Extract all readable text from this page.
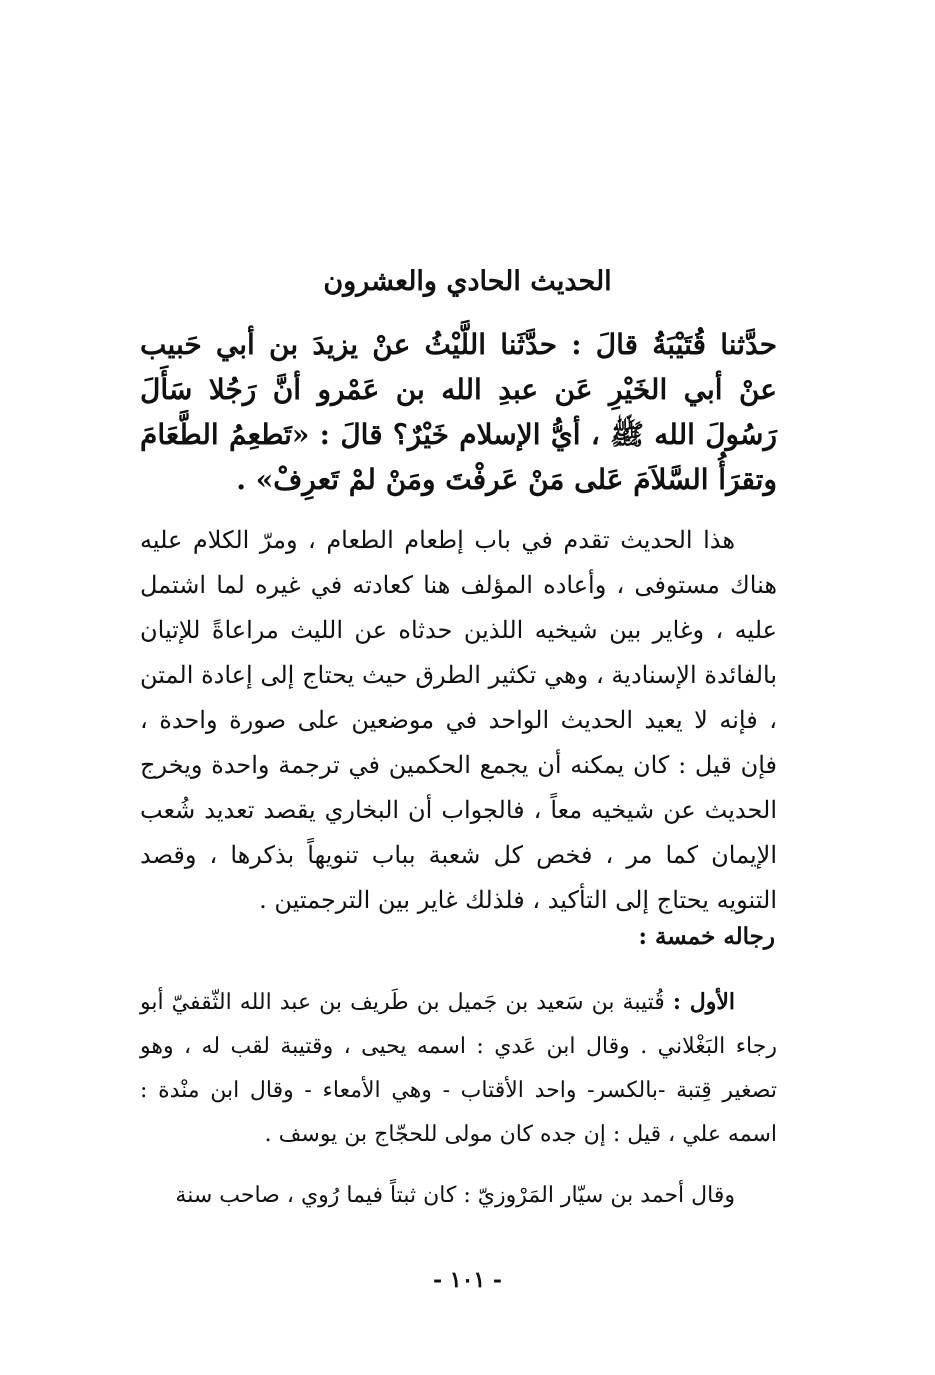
الحديث الحادي والعشرون

حدَّثنا قُتَيْبَةُ قالَ : حدَّثَنا اللَّيْثُ عنْ يزيدَ بن أبي حَبيب عنْ أبي الخَيْرِ عَن عبدِ الله بن عَمْرو أنَّ رَجُلا سَأَلَ رَسُولَ الله ﷺ ، أيُّ الإسلام خَيْرٌ؟ قالَ : «تَطعِمُ الطَّعَامَ وتقرَأُ السَّلاَمَ عَلى مَنْ عَرفْتَ ومَنْ لمْ تَعرِفْ» .

هذا الحديث تقدم في باب إطعام الطعام ، ومرّ الكلام عليه هناك مستوفى ، وأعاده المؤلف هنا كعادته في غيره لما اشتمل عليه ، وغاير بين شيخيه اللذين حدثاه عن الليث مراعاةً للإتيان بالفائدة الإسنادية ، وهي تكثير الطرق حيث يحتاج إلى إعادة المتن ، فإنه لا يعيد الحديث الواحد في موضعين على صورة واحدة ، فإن قيل : كان يمكنه أن يجمع الحكمين في ترجمة واحدة ويخرج الحديث عن شيخيه معاً ، فالجواب أن البخاري يقصد تعديد شُعب الإيمان كما مر ، فخص كل شعبة بباب تنويهاً بذكرها ، وقصد التنويه يحتاج إلى التأكيد ، فلذلك غاير بين الترجمتين .

رجاله خمسة :

الأول : قُتيبة بن سَعيد بن جَميل بن طَريف بن عبد الله الثّقفيّ أبو رجاء البَغْلاني . وقال ابن عَدي : اسمه يحيى ، وقتيبة لقب له ، وهو تصغير قِتبة -بالكسر- واحد الأقتاب - وهي الأمعاء - وقال ابن منْدة : اسمه علي ، قيل : إن جده كان مولى للحجّاج بن يوسف .

وقال أحمد بن سيّار المَرْوزيّ : كان ثبتاً فيما رُوي ، صاحب سنة

- ١٠١ -
